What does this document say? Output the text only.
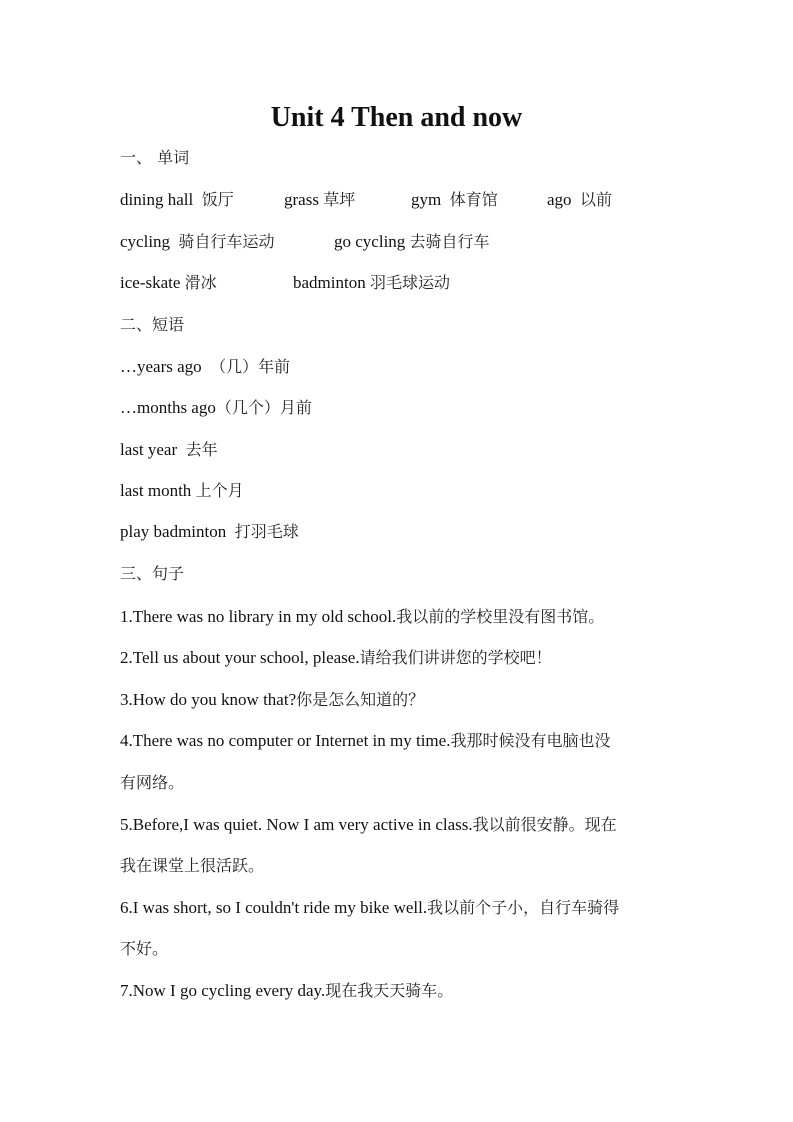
Unit 4 Then and now
一、 单词
dining hall 饭厅	grass 草坪	gym 体育馆	ago 以前
cycling 骑自行车运动	go cycling 去骑自行车
ice-skate 滑冰	badminton 羽毛球运动
二、短语
…years ago （几）年前
…months ago（几个）月前
last year 去年
last month 上个月
play badminton 打羽毛球
三、句子
1.There was no library in my old school.我以前的学校里没有图书馆。
2.Tell us about your school, please.请给我们讲讲您的学校吧！
3.How do you know that?你是怎么知道的？
4.There was no computer or Internet in my time.我那时候没有电脑也没
有网络。
5.Before,I was quiet. Now I am very active in class.我以前很安静。现在
我在课堂上很活跃。
6.I was short, so I couldn't ride my bike well.我以前个子小，自行车骑得
不好。
7.Now I go cycling every day.现在我天天骑车。
